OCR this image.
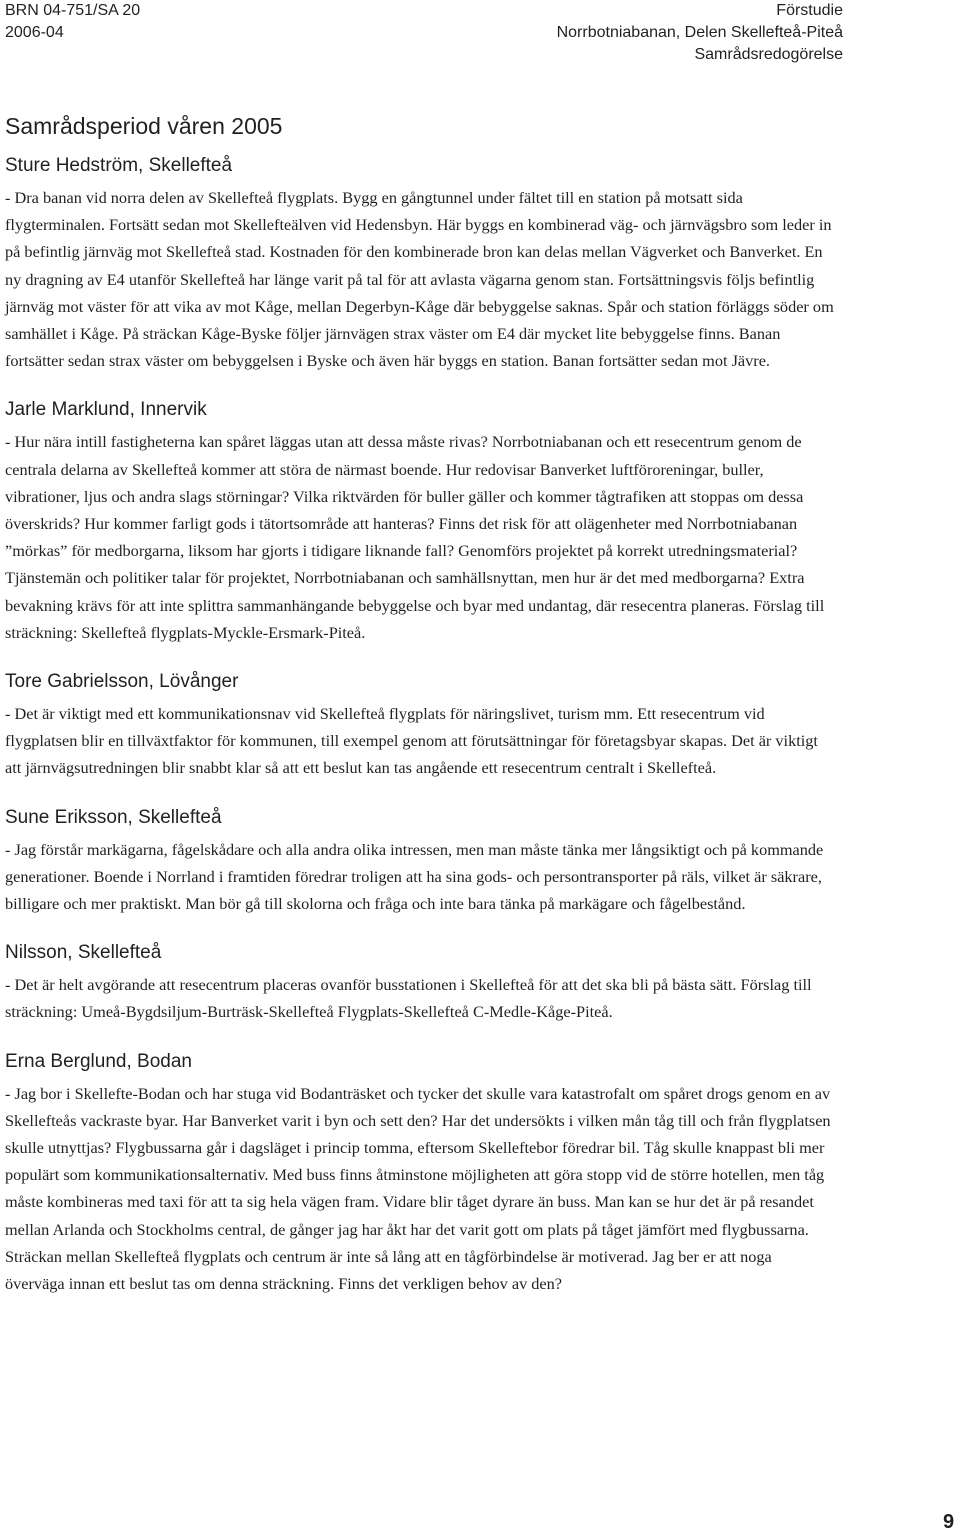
BRN 04-751/SA 20
2006-04
Förstudie
Norrbotniabanan, Delen Skellefteå-Piteå
Samrådsredogörelse
Samrådsperiod våren 2005
Sture Hedström, Skellefteå

- Dra banan vid norra delen av Skellefteå flygplats. Bygg en gångtunnel under fältet till en station på motsatt sida flygterminalen. Fortsätt sedan mot Skellefteälven vid Hedensbyn. Här byggs en kombinerad väg- och järnvägsbro som leder in på befintlig järnväg mot Skellefteå stad. Kostnaden för den kombinerade bron kan delas mellan Vägverket och Banverket. En ny dragning av E4 utanför Skellefteå har länge varit på tal för att avlasta vägarna genom stan. Fortsättningsvis följs befintlig järnväg mot väster för att vika av mot Kåge, mellan Degerbyn-Kåge där bebyggelse saknas. Spår och station förläggs söder om samhället i Kåge. På sträckan Kåge-Byske följer järnvägen strax väster om E4 där mycket lite bebyggelse finns. Banan fortsätter sedan strax väster om bebyggelsen i Byske och även här byggs en station. Banan fortsätter sedan mot Jävre.

Jarle Marklund, Innervik

- Hur nära intill fastigheterna kan spåret läggas utan att dessa måste rivas? Norrbotniabanan och ett resecentrum genom de centrala delarna av Skellefteå kommer att störa de närmast boende. Hur redovisar Banverket luftföroreningar, buller, vibrationer, ljus och andra slags störningar? Vilka riktvärden för buller gäller och kommer tågtrafiken att stoppas om dessa överskrids? Hur kommer farligt gods i tätortsområde att hanteras? Finns det risk för att olägenheter med Norrbotniabanan ”mörkas” för medborgarna, liksom har gjorts i tidigare liknande fall? Genomförs projektet på korrekt utredningsmaterial? Tjänstemän och politiker talar för projektet, Norrbotniabanan och samhällsnyttan, men hur är det med medborgarna? Extra bevakning krävs för att inte splittra sammanhängande bebyggelse och byar med undantag, där resecentra planeras. Förslag till sträckning: Skellefteå flygplats-Myckle-Ersmark-Piteå.

Tore Gabrielsson, Lövånger

- Det är viktigt med ett kommunikationsnav vid Skellefteå flygplats för näringslivet, turism mm. Ett resecentrum vid flygplatsen blir en tillväxtfaktor för kommunen, till exempel genom att förutsättningar för företagsbyar skapas. Det är viktigt att järnvägsutredningen blir snabbt klar så att ett beslut kan tas angående ett resecentrum centralt i Skellefteå.

Sune Eriksson, Skellefteå

- Jag förstår markägarna, fågelskådare och alla andra olika intressen, men man måste tänka mer långsiktigt och på kommande generationer. Boende i Norrland i framtiden föredrar troligen att ha sina gods- och persontransporter på räls, vilket är säkrare, billigare och mer praktiskt. Man bör gå till skolorna och fråga och inte bara tänka på markägare och fågelbestånd.

Nilsson, Skellefteå

- Det är helt avgörande att resecentrum placeras ovanför busstationen i Skellefteå för att det ska bli på bästa sätt. Förslag till sträckning: Umeå-Bygdsiljum-Burträsk-Skellefteå Flygplats-Skellefteå C-Medle-Kåge-Piteå.

Erna Berglund, Bodan

- Jag bor i Skellefte-Bodan och har stuga vid Bodanträsket och tycker det skulle vara katastrofalt om spåret drogs genom en av Skellefteås vackraste byar. Har Banverket varit i byn och sett den? Har det undersökts i vilken mån tåg till och från flygplatsen skulle utnyttjas? Flygbussarna går i dagsläget i princip tomma, eftersom Skelleftebor föredrar bil. Tåg skulle knappast bli mer populärt som kommunikationsalternativ. Med buss finns åtminstone möjligheten att göra stopp vid de större hotellen, men tåg måste kombineras med taxi för att ta sig hela vägen fram. Vidare blir tåget dyrare än buss. Man kan se hur det är på resandet mellan Arlanda och Stockholms central, de gånger jag har åkt har det varit gott om plats på tåget jämfört med flygbussarna. Sträckan mellan Skellefteå flygplats och centrum är inte så lång att en tågförbindelse är motiverad. Jag ber er att noga överväga innan ett beslut tas om denna sträckning. Finns det verkligen behov av den?

9
